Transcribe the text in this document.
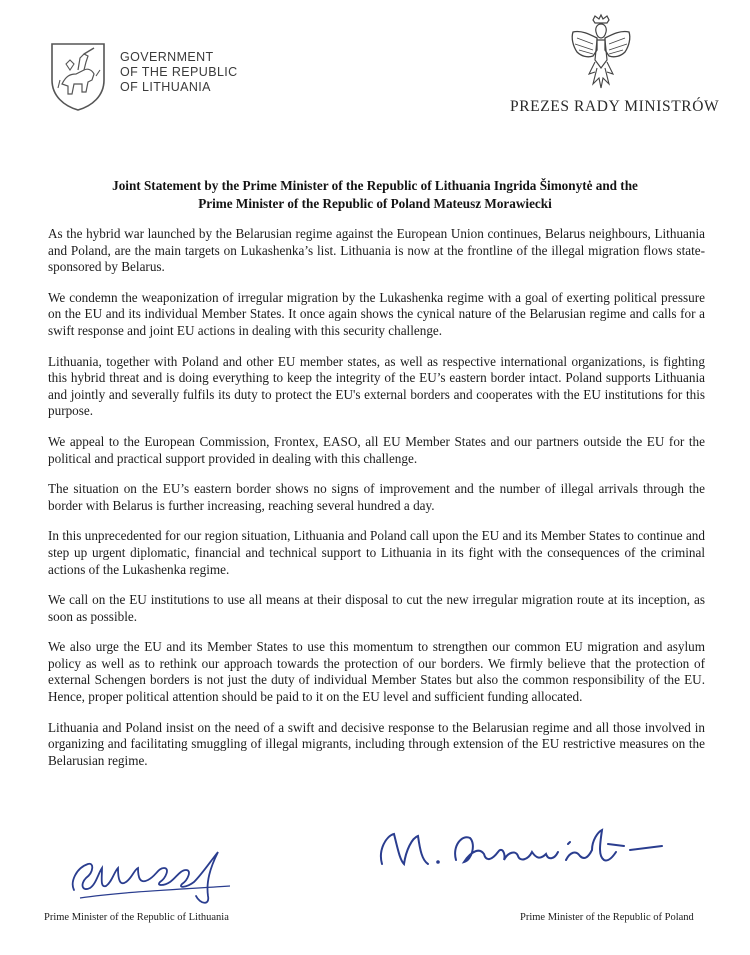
GOVERNMENT
OF THE REPUBLIC
OF LITHUANIA
PREZES RADY MINISTRÓW
Joint Statement by the Prime Minister of the Republic of Lithuania Ingrida Šimonytė and the
Prime Minister of the Republic of Poland Mateusz Morawiecki

As the hybrid war launched by the Belarusian regime against the European Union continues, Belarus neighbours, Lithuania and Poland, are the main targets on Lukashenka’s list. Lithuania is now at the frontline of the illegal migration flows state-sponsored by Belarus.

We condemn the weaponization of irregular migration by the Lukashenka regime with a goal of exerting political pressure on the EU and its individual Member States. It once again shows the cynical nature of the Belarusian regime and calls for a swift response and joint EU actions in dealing with this security challenge.

Lithuania, together with Poland and other EU member states, as well as respective international organizations, is fighting this hybrid threat and is doing everything to keep the integrity of the EU’s eastern border intact. Poland supports Lithuania and jointly and severally fulfils its duty to protect the EU's external borders and cooperates with the EU institutions for this purpose.

We appeal to the European Commission, Frontex, EASO, all EU Member States and our partners outside the EU for the political and practical support provided in dealing with this challenge.

The situation on the EU’s eastern border shows no signs of improvement and the number of illegal arrivals through the border with Belarus is further increasing, reaching several hundred a day.

In this unprecedented for our region situation, Lithuania and Poland call upon the EU and its Member States to continue and step up urgent diplomatic, financial and technical support to Lithuania in its fight with the consequences of the criminal actions of the Lukashenka regime.

We call on the EU institutions to use all means at their disposal to cut the new irregular migration route at its inception, as soon as possible.

We also urge the EU and its Member States to use this momentum to strengthen our common EU migration and asylum policy as well as to rethink our approach towards the protection of our borders. We firmly believe that the protection of external Schengen borders is not just the duty of individual Member States but also the common responsibility of the EU. Hence, proper political attention should be paid to it on the EU level and sufficient funding allocated.

Lithuania and Poland insist on the need of a swift and decisive response to the Belarusian regime and all those involved in organizing and facilitating smuggling of illegal migrants, including through extension of the EU restrictive measures on the Belarusian regime.

Prime Minister of the Republic of Lithuania	Prime Minister of the Republic of Poland
